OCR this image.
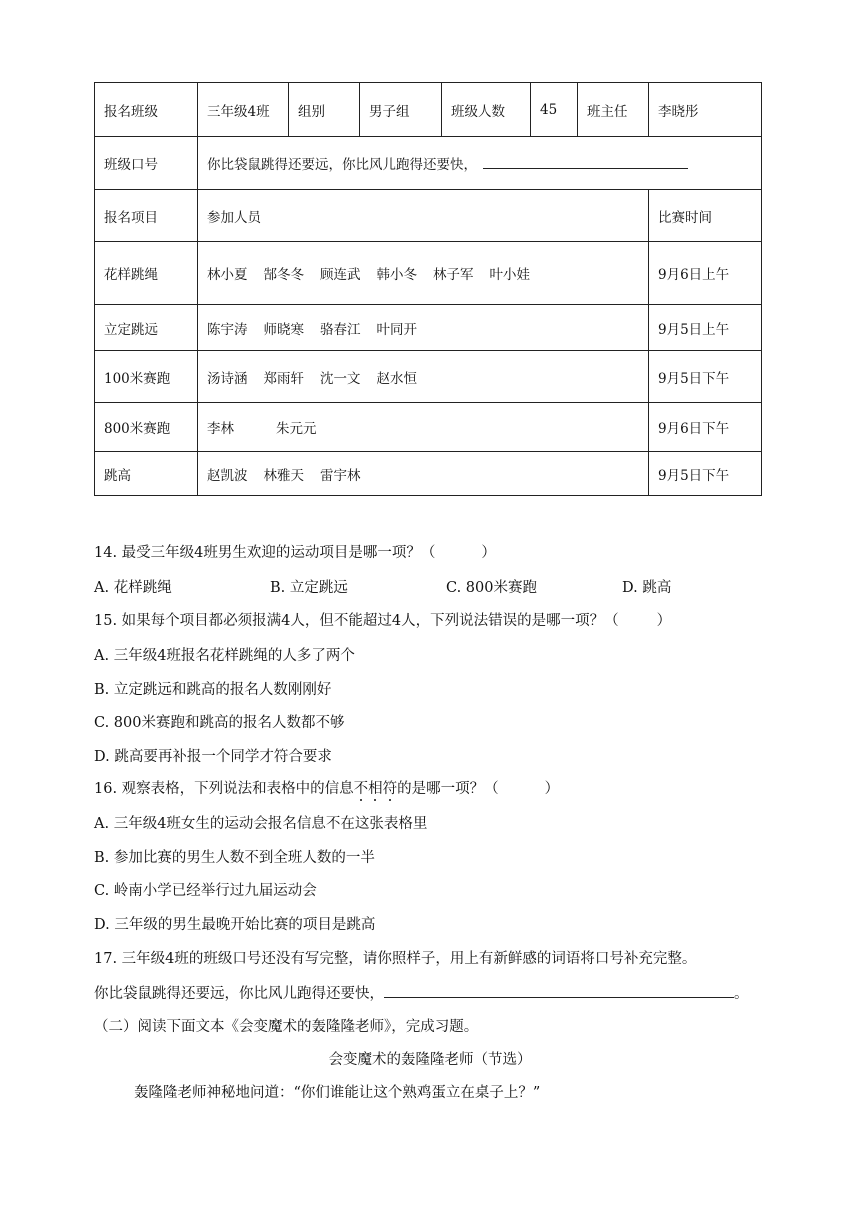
报名班级	三年级4班	组别	男子组	班级人数	45	班主任	李晓彤
班级口号	你比袋鼠跳得还要远，你比风儿跑得还要快，						
报名项目	参加人员						比赛时间
花样跳绳	林小夏 郜冬冬 顾连武 韩小冬 林子军 叶小娃						9月6日上午
立定跳远	陈宇涛 师晓寒 骆春江 叶同开						9月5日上午
100米赛跑	汤诗涵 郑雨轩 沈一文 赵水恒						9月5日下午
800米赛跑	李林 朱元元						9月6日下午
跳高	赵凯波 林雅天 雷宇林						9月5日下午
14. 最受三年级4班男生欢迎的运动项目是哪一项？（	）
A. 花样跳绳	B. 立定跳远	C. 800米赛跑	D. 跳高
15. 如果每个项目都必须报满4人，但不能超过4人，下列说法错误的是哪一项？（	）
A. 三年级4班报名花样跳绳的人多了两个
B. 立定跳远和跳高的报名人数刚刚好
C. 800米赛跑和跳高的报名人数都不够
D. 跳高要再补报一个同学才符合要求
16. 观察表格，下列说法和表格中的信息不相符的是哪一项？（	）
A. 三年级4班女生的运动会报名信息不在这张表格里
B. 参加比赛的男生人数不到全班人数的一半
C. 岭南小学已经举行过九届运动会
D. 三年级的男生最晚开始比赛的项目是跳高
17. 三年级4班的班级口号还没有写完整，请你照样子，用上有新鲜感的词语将口号补充完整。
你比袋鼠跳得还要远，你比风儿跑得还要快，	。
（二）阅读下面文本《会变魔术的轰隆隆老师》，完成习题。
会变魔术的轰隆隆老师（节选）
轰隆隆老师神秘地问道：“你们谁能让这个熟鸡蛋立在桌子上？”
